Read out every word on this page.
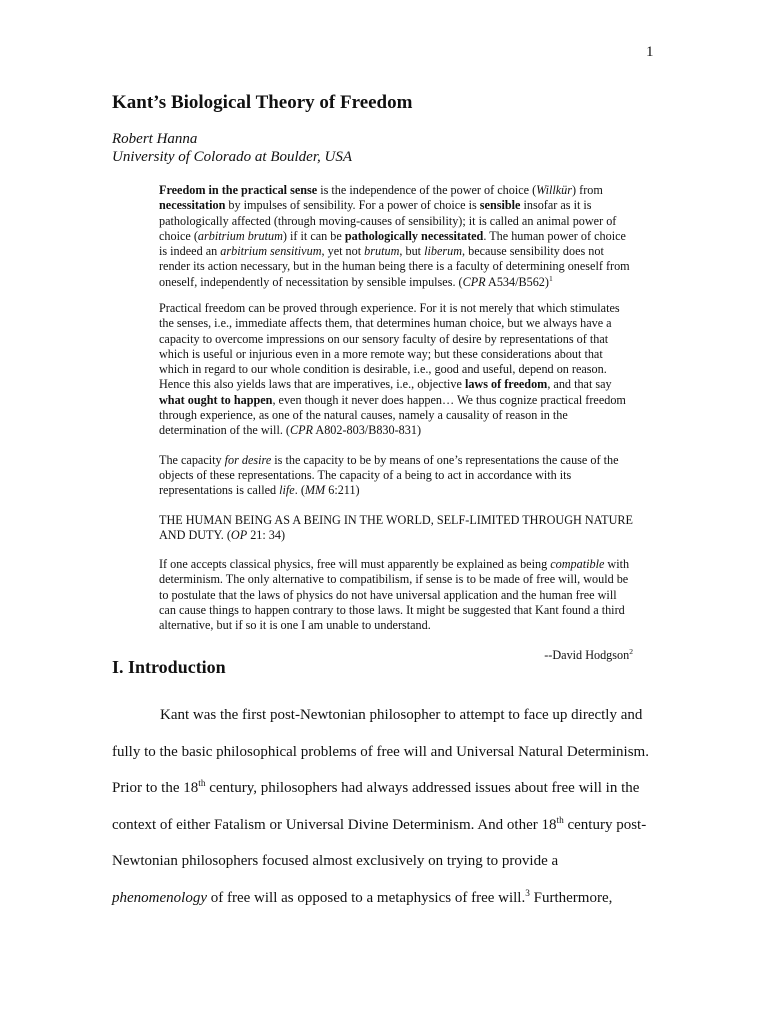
1
Kant’s Biological Theory of Freedom
Robert Hanna
University of Colorado at Boulder, USA

Freedom in the practical sense is the independence of the power of choice (Willkür) from necessitation by impulses of sensibility. For a power of choice is sensible insofar as it is pathologically affected (through moving-causes of sensibility); it is called an animal power of choice (arbitrium brutum) if it can be pathologically necessitated. The human power of choice is indeed an arbitrium sensitivum, yet not brutum, but liberum, because sensibility does not render its action necessary, but in the human being there is a faculty of determining oneself from oneself, independently of necessitation by sensible impulses. (CPR A534/B562)$^1$

Practical freedom can be proved through experience. For it is not merely that which stimulates the senses, i.e., immediate affects them, that determines human choice, but we always have a capacity to overcome impressions on our sensory faculty of desire by representations of that which is useful or injurious even in a more remote way; but these considerations about that which in regard to our whole condition is desirable, i.e., good and useful, depend on reason. Hence this also yields laws that are imperatives, i.e., objective laws of freedom, and that say what ought to happen, even though it never does happen… We thus cognize practical freedom through experience, as one of the natural causes, namely a causality of reason in the determination of the will. (CPR A802-803/B830-831)

The capacity for desire is the capacity to be by means of one’s representations the cause of the objects of these representations. The capacity of a being to act in accordance with its representations is called life. (MM 6:211)

THE HUMAN BEING AS A BEING IN THE WORLD, SELF-LIMITED THROUGH NATURE AND DUTY. (OP 21: 34)

If one accepts classical physics, free will must apparently be explained as being compatible with determinism. The only alternative to compatibilism, if sense is to be made of free will, would be to postulate that the laws of physics do not have universal application and the human free will can cause things to happen contrary to those laws. It might be suggested that Kant found a third alternative, but if so it is one I am unable to understand.

--David Hodgson$^2$

I. Introduction
Kant was the first post-Newtonian philosopher to attempt to face up directly and
fully to the basic philosophical problems of free will and Universal Natural Determinism.
Prior to the 18th century, philosophers had always addressed issues about free will in the
context of either Fatalism or Universal Divine Determinism. And other 18th century post-
Newtonian philosophers focused almost exclusively on trying to provide a
phenomenology of free will as opposed to a metaphysics of free will.$^3$ Furthermore,
